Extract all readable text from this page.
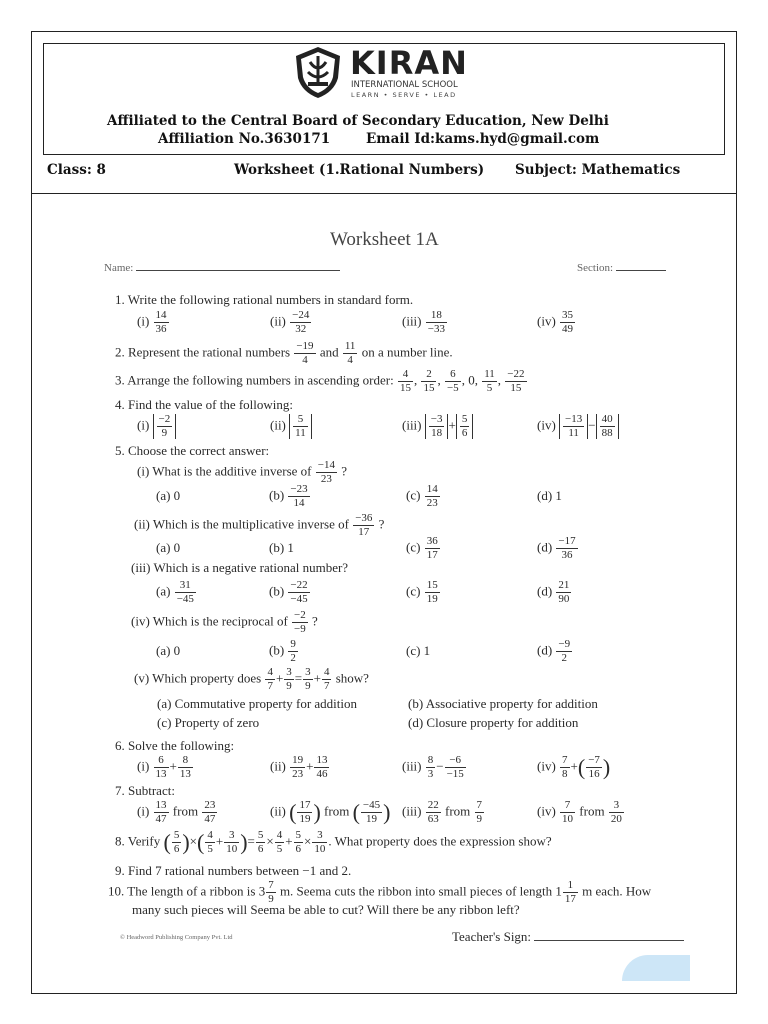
KIRAN
INTERNATIONAL SCHOOL
LEARN • SERVE • LEAD
Affiliated to the Central Board of Secondary Education, New Delhi
Affiliation No.3630171	Email Id:kams.hyd@gmail.com
Class: 8	Worksheet (1.Rational Numbers) Subject: Mathematics
Worksheet 1A
Name:	Section:
1. Write the following rational numbers in standard form.
$(i) \frac{14}{36}$	$(ii) \frac{-24}{32}$	$(iii) \frac{18}{-33}$	$(iv) \frac{35}{49}$
2. Represent the rational numbers $\frac{-19}{4}$ and $\frac{11}{4}$ on a number line.
3. Arrange the following numbers in ascending order: $\frac{4}{15}$ , $\frac{2}{15}$ , $\frac{6}{-5}$ , 0, $\frac{11}{5}$ , $\frac{-22}{15}$
4. Find the value of the following:
$(i) \frac{-2}{9}$	$(ii) \frac{5}{11}$	$(iii) \frac{-3}{18} + \frac{5}{6}$	$(iv) \frac{-13}{11} - \frac{40}{88}$
5. Choose the correct answer:
(i) What is the additive inverse of $\frac{-14}{23}$ ?
(a) 0	$(b) \frac{-23}{14}$	$(c) \frac{14}{23}$	(d) 1
(ii) Which is the multiplicative inverse of $\frac{-36}{17}$ ?
(a) 0	(b) 1	$(c) \frac{36}{17}$	$(d) \frac{-17}{36}$
(iii) Which is a negative rational number?
$(a) \frac{31}{-45}$	$(b) \frac{-22}{-45}$	$(c) \frac{15}{19}$	$(d) \frac{21}{90}$
(iv) Which is the reciprocal of $\frac{-2}{-9}$ ?
(a) 0	$(b) \frac{9}{2}$	(c) 1	$(d) \frac{-9}{2}$
(v) Which property does $\frac{4}{7} + \frac{3}{9} = \frac{3}{9} + \frac{4}{7}$ show?
(a) Commutative property for addition	(b) Associative property for addition
(c) Property of zero	(d) Closure property for addition
6. Solve the following:
$(i) \frac{6}{13} + \frac{8}{13}$	$(ii) \frac{19}{23} + \frac{13}{46}$	$(iii) \frac{8}{3} - \frac{-6}{-15}$	$(iv) \frac{7}{8}$ +( $\frac{-7}{16}$ )
7. Subtract:
$(i) \frac{13}{47}$ from $\frac{23}{47}$	(ii) ( $\frac{17}{19}$ ) from ( $\frac{-45}{19}$ ) $(iii) \frac{22}{63}$ from $\frac{7}{9}$	$(iv) \frac{7}{10}$ from $\frac{3}{20}$
8. Verify ( $\frac{5}{6}$ )×( $\frac{4}{5} + \frac{3}{10}$ )= $\frac{5}{6} \times \frac{4}{5} + \frac{5}{6} \times \frac{3}{10}$ . What property does the expression show?
9. Find 7 rational numbers between −1 and 2.
10. The length of a ribbon is $3 \frac{7}{9} m$. Seema cuts the ribbon into small pieces of length $1 \frac{1}{17}$ m each. How
many such pieces will Seema be able to cut? Will there be any ribbon left?
© Headword Publishing Company Pvt. Ltd	Teacher's Sign:
